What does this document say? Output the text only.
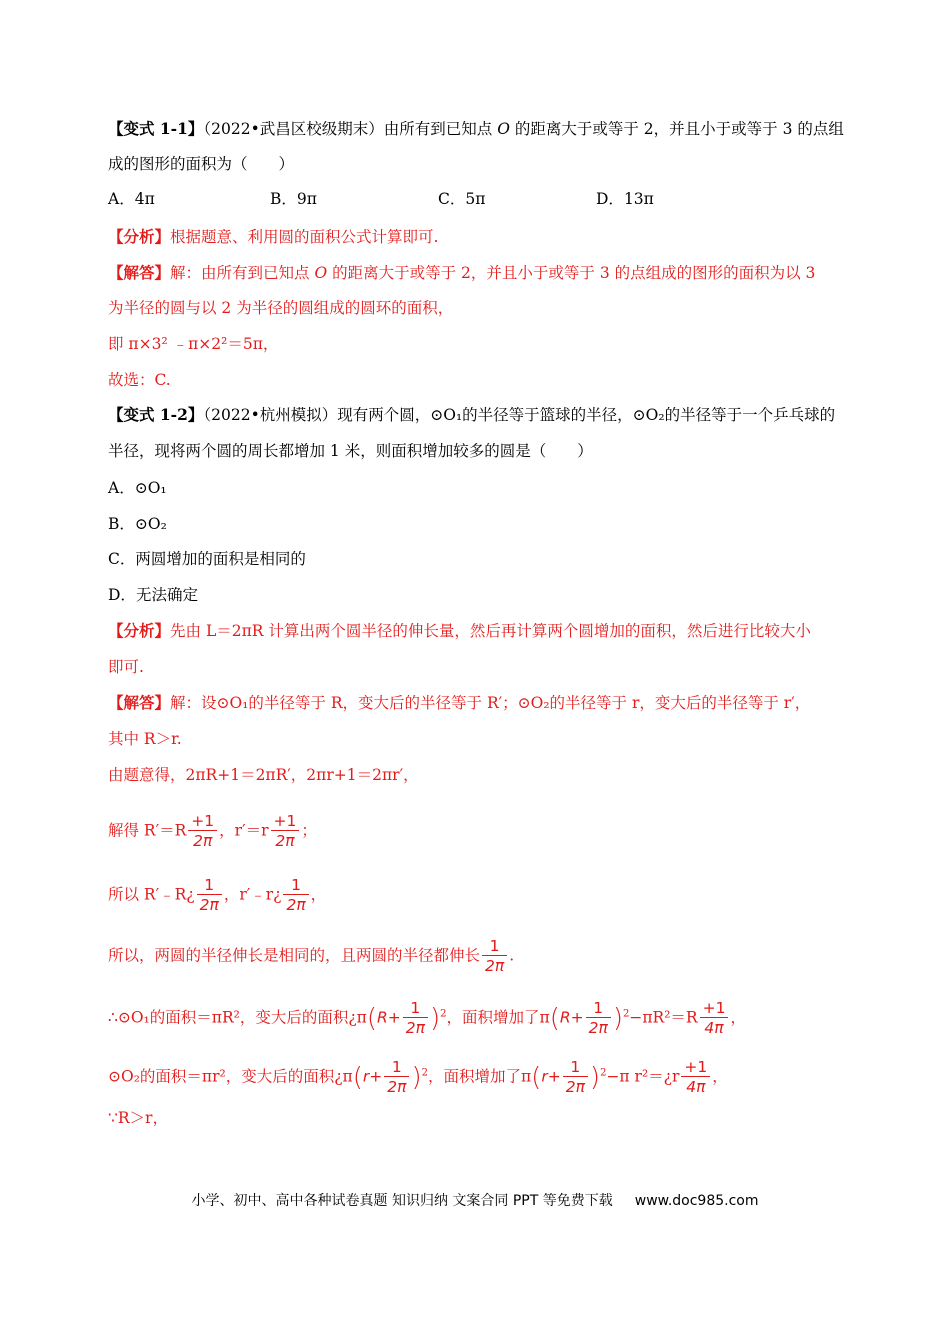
【变式 1-1】（2022•武昌区校级期末）由所有到已知点 O 的距离大于或等于 2，并且小于或等于 3 的点组
成的图形的面积为（　　）
A．4π	B．9π	C．5π	D．13π
【分析】根据题意、利用圆的面积公式计算即可.
【解答】解：由所有到已知点 O 的距离大于或等于 2，并且小于或等于 3 的点组成的图形的面积为以 3
为半径的圆与以 2 为半径的圆组成的圆环的面积，
即 π×3² ﹣π×2²＝5π，
故选：C.
【变式 1-2】（2022•杭州模拟）现有两个圆，⊙O₁的半径等于篮球的半径，⊙O₂的半径等于一个乒乓球的
半径，现将两个圆的周长都增加 1 米，则面积增加较多的圆是（　　）
A．⊙O₁
B．⊙O₂
C．两圆增加的面积是相同的
D．无法确定
【分析】先由 L＝2πR 计算出两个圆半径的伸长量，然后再计算两个圆增加的面积，然后进行比较大小
即可.
【解答】解：设⊙O₁的半径等于 R，变大后的半径等于 R′；⊙O₂的半径等于 r，变大后的半径等于 r′，
其中 R＞r.
由题意得，2πR+1＝2πR′，2πr+1＝2πr′，
解得 $R'=R \frac{+1}{2\pi}$ ，$r'=r \frac{+1}{2\pi}$ ；
所以 R′﹣R¿ $\frac{1}{2\pi}$ ，r′﹣r¿ $\frac{1}{2\pi}$ ，
所以，两圆的半径伸长是相同的，且两圆的半径都伸长 $\frac{1}{2\pi}$ .
∴⊙O₁的面积＝πR²，变大后的面积¿$\pi(R+ \frac{1}{2\pi} )^2$，面积增加了$\pi(R+ \frac{1}{2\pi} )^2-\pi R^2=R \frac{+1}{4\pi}$ ，
⊙O₂的面积＝πr²，变大后的面积¿$\pi(r+ \frac{1}{2\pi} )^2$，面积增加了$\pi(r+ \frac{1}{2\pi} )^2-\pi$ r²＝¿r $\frac{+1}{4\pi}$ ，
∵R＞r，
小学、初中、高中各种试卷真题 知识归纳 文案合同 PPT 等免费下载 www.doc985.com
